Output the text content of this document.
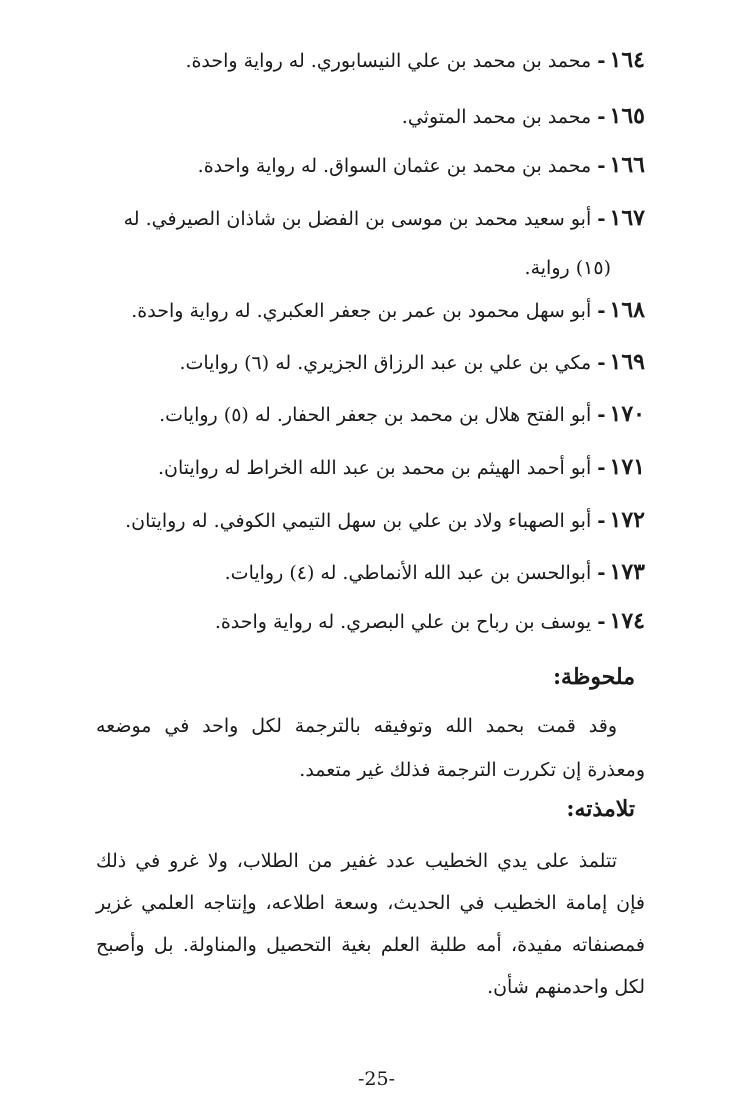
١٦٤-محمد بن محمد بن علي النيسابوري. له رواية واحدة.
١٦٥-محمد بن محمد المتوثي.
١٦٦-محمد بن محمد بن عثمان السواق. له رواية واحدة.
١٦٧-أبو سعيد محمد بن موسى بن الفضل بن شاذان الصيرفي. له
(١٥) رواية.
١٦٨-أبو سهل محمود بن عمر بن جعفر العكبري. له رواية واحدة.
١٦٩-مكي بن علي بن عبد الرزاق الجزيري. له (٦) روايات.
١٧٠-أبو الفتح هلال بن محمد بن جعفر الحفار. له (٥) روايات.
١٧١-أبو أحمد الهيثم بن محمد بن عبد الله الخراط له روايتان.
١٧٢-أبو الصهباء ولاد بن علي بن سهل التيمي الكوفي. له روايتان.
١٧٣-أبوالحسن بن عبد الله الأنماطي. له (٤) روايات.
١٧٤-يوسف بن رباح بن علي البصري. له رواية واحدة.
ملحوظة:
وقد قمت بحمد الله وتوفيقه بالترجمة لكل واحد في موضعه ومعذرة إن تكررت الترجمة فذلك غير متعمد.
تلامذته:
تتلمذ على يدي الخطيب عدد غفير من الطلاب، ولا غرو في ذلك فإن إمامة الخطيب في الحديث، وسعة اطلاعه، وإنتاجه العلمي غزير فمصنفاته مفيدة، أمه طلبة العلم بغية التحصيل والمناولة. بل وأصبح لكل واحدمنهم شأن.
-25-
